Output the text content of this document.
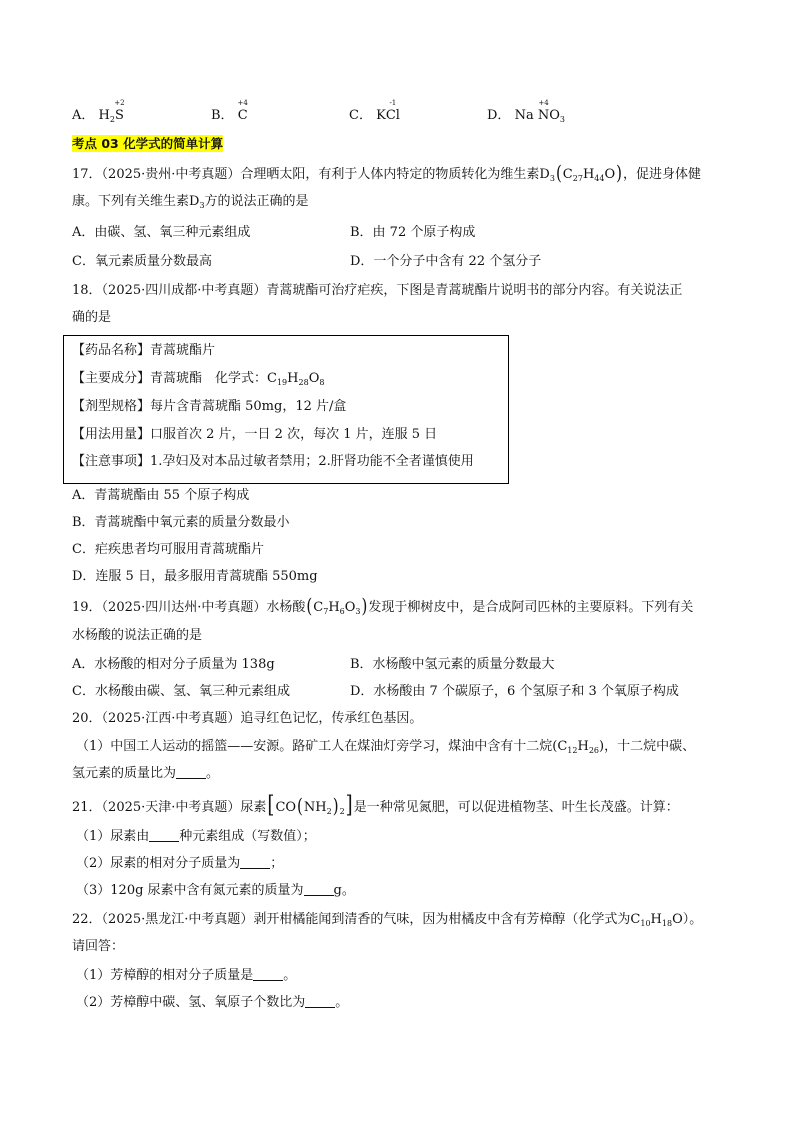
A． $H_2$
+2
S	B．
+4
C	C． K
-1
Cl	D． Na
+4
$NO_3$
考点 03 化学式的简单计算
17．（2025·贵州·中考真题）合理晒太阳，有利于人体内特定的物质转化为维生素$D_3(C_{27}H_{44}O)$，促进身体健
康。下列有关维生素$D_3$方的说法正确的是
A．由碳、氢、氧三种元素组成	B．由 72 个原子构成
C．氧元素质量分数最高	D．一个分子中含有 22 个氢分子
18．（2025·四川成都·中考真题）青蒿琥酯可治疗疟疾，下图是青蒿琥酯片说明书的部分内容。有关说法正
确的是
【药品名称】青蒿琥酯片
【主要成分】青蒿琥酯　化学式：$C_{19}H_{28}O_8$
【剂型规格】每片含青蒿琥酯 50mg，12 片/盒
【用法用量】口服首次 2 片，一日 2 次，每次 1 片，连服 5 日
【注意事项】1.孕妇及对本品过敏者禁用；2.肝肾功能不全者谨慎使用
A．青蒿琥酯由 55 个原子构成
B．青蒿琥酯中氧元素的质量分数最小
C．疟疾患者均可服用青蒿琥酯片
D．连服 5 日，最多服用青蒿琥酯 550mg
19．（2025·四川达州·中考真题）水杨酸$(C_7H_6O_3)$发现于柳树皮中，是合成阿司匹林的主要原料。下列有关
水杨酸的说法正确的是
A．水杨酸的相对分子质量为 138g	B．水杨酸中氢元素的质量分数最大
C．水杨酸由碳、氢、氧三种元素组成	D．水杨酸由 7 个碳原子，6 个氢原子和 3 个氧原子构成
20．（2025·江西·中考真题）追寻红色记忆，传承红色基因。
（1）中国工人运动的摇篮——安源。路矿工人在煤油灯旁学习，煤油中含有十二烷$(C_{12}H_{26})$，十二烷中碳、
氢元素的质量比为 。
21．（2025·天津·中考真题）尿素$[CO(NH_2)_2]$是一种常见氮肥，可以促进植物茎、叶生长茂盛。计算：
（1）尿素由 种元素组成（写数值）；
（2）尿素的相对分子质量为 ；
（3）120g 尿素中含有氮元素的质量为 g。
22．（2025·黑龙江·中考真题）剥开柑橘能闻到清香的气味，因为柑橘皮中含有芳樟醇（化学式为$C_{10}H_{18}O$）。
请回答：
（1）芳樟醇的相对分子质量是 。
（2）芳樟醇中碳、氢、氧原子个数比为 。
